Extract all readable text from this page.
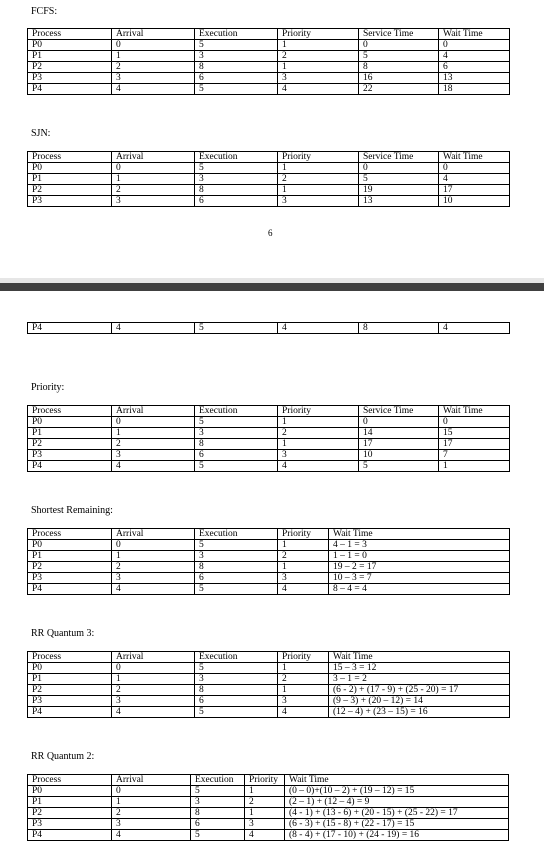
FCFS:
Process	Arrival	Execution	Priority	Service Time	Wait Time
P0	0	5	1	0	0
P1	1	3	2	5	4
P2	2	8	1	8	6
P3	3	6	3	16	13
P4	4	5	4	22	18
SJN:
Process	Arrival	Execution	Priority	Service Time	Wait Time
P0	0	5	1	0	0
P1	1	3	2	5	4
P2	2	8	1	19	17
P3	3	6	3	13	10
6
P4	4	5	4	8	4
Priority:
Process	Arrival	Execution	Priority	Service Time	Wait Time
P0	0	5	1	0	0
P1	1	3	2	14	15
P2	2	8	1	17	17
P3	3	6	3	10	7
P4	4	5	4	5	1
Shortest Remaining:
Process	Arrival	Execution	Priority	Wait Time
P0	0	5	1	4 – 1 = 3
P1	1	3	2	1 – 1 = 0
P2	2	8	1	19 – 2 = 17
P3	3	6	3	10 – 3 = 7
P4	4	5	4	8 – 4 = 4
RR Quantum 3:
Process	Arrival	Execution	Priority	Wait Time
P0	0	5	1	15 – 3 = 12
P1	1	3	2	3 – 1 = 2
P2	2	8	1	(6 - 2) + (17 - 9) + (25 - 20) = 17
P3	3	6	3	(9 – 3) + (20 – 12) = 14
P4	4	5	4	(12 – 4) + (23 – 15) = 16
RR Quantum 2:
Process	Arrival	Execution	Priority	Wait Time
P0	0	5	1	(0 – 0)+(10 – 2) + (19 – 12) = 15
P1	1	3	2	(2 – 1) + (12 – 4) = 9
P2	2	8	1	(4 - 1) + (13 - 6) + (20 - 15) + (25 - 22) = 17
P3	3	6	3	(6 - 3) + (15 - 8) + (22 - 17) = 15
P4	4	5	4	(8 - 4) + (17 - 10) + (24 - 19) = 16
